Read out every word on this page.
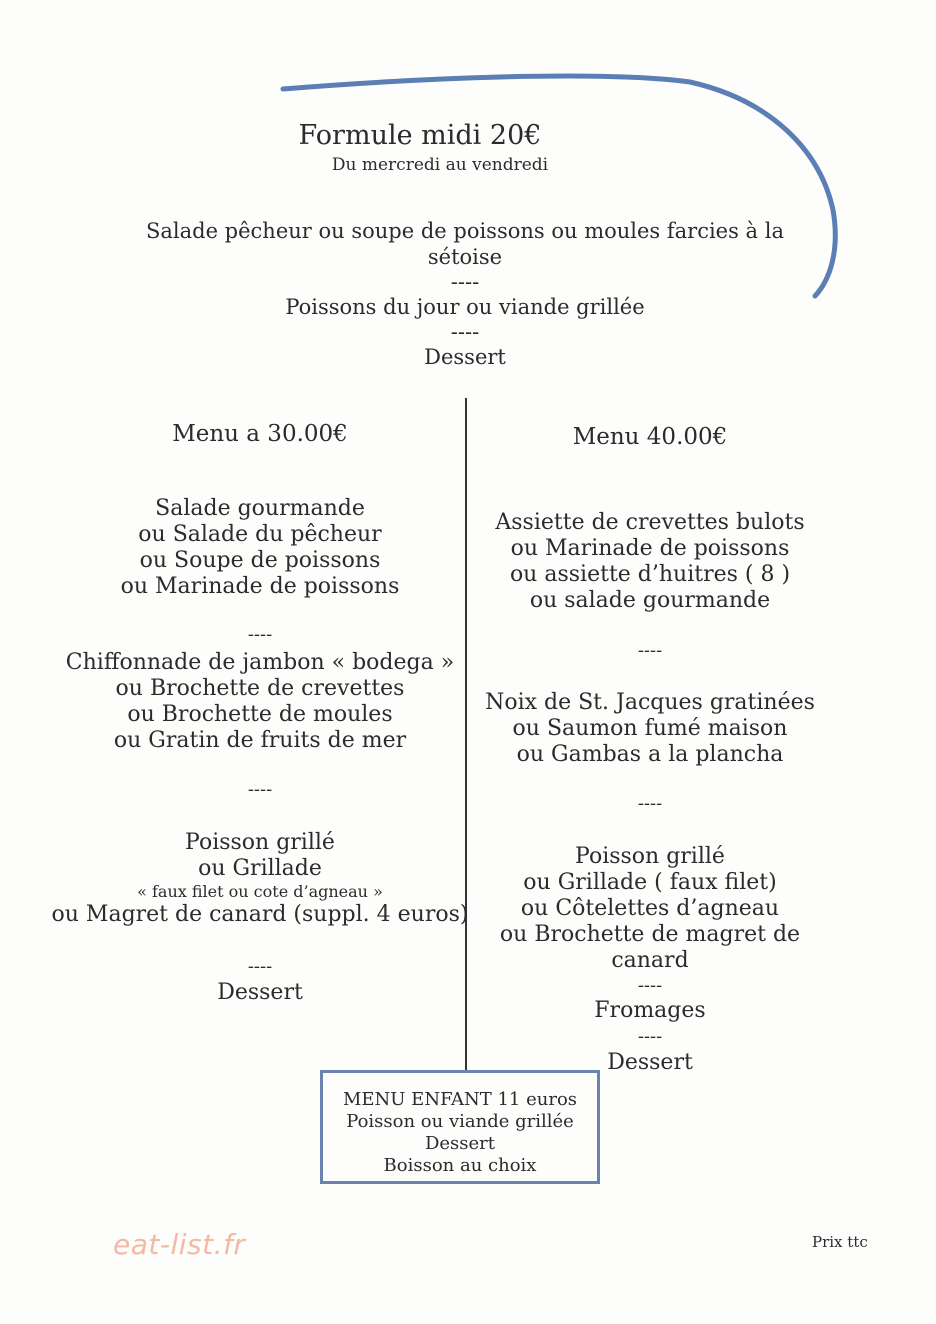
Formule midi 20€
Du mercredi au vendredi
Salade pêcheur ou soupe de poissons ou moules farcies à la
sétoise
----
Poissons du jour ou viande grillée
----
Dessert
Menu a 30.00€
Salade gourmande
ou Salade du pêcheur
ou Soupe de poissons
ou Marinade de poissons
----
Chiffonnade de jambon « bodega »
ou Brochette de crevettes
ou Brochette de moules
ou Gratin de fruits de mer
----
Poisson grillé
ou Grillade
« faux filet ou cote d’agneau »
ou Magret de canard (suppl. 4 euros)
----
Dessert
Menu 40.00€
Assiette de crevettes bulots
ou Marinade de poissons
ou assiette d’huitres ( 8 )
ou salade gourmande
----
Noix de St. Jacques gratinées
ou Saumon fumé maison
ou Gambas a la plancha
----
Poisson grillé
ou Grillade ( faux filet)
ou Côtelettes d’agneau
ou Brochette de magret de
canard
----
Fromages
----
Dessert
MENU ENFANT 11 euros
Poisson ou viande grillée
Dessert
Boisson au choix
eat-list.fr	Prix ttc
